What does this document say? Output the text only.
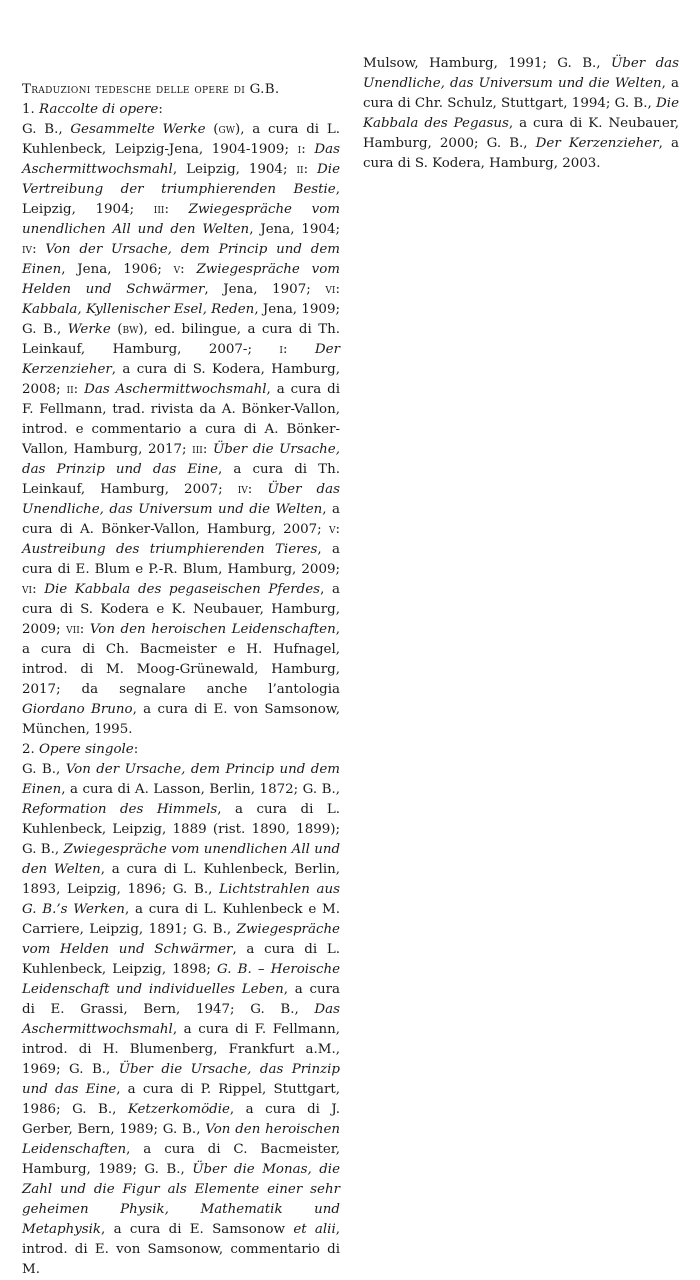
Traduzioni tedesche delle opere di G.B.

1. Raccolte di opere:

G. B., Gesammelte Werke (gw), a cura di L. Kuhlenbeck, Leipzig-Jena, 1904-1909; i: Das Aschermittwochsmahl, Leipzig, 1904; ii: Die Vertreibung der triumphierenden Bestie, Leipzig, 1904; iii: Zwiegespräche vom unendlichen All und den Welten, Jena, 1904; iv: Von der Ursache, dem Princip und dem Einen, Jena, 1906; v: Zwiegespräche vom Helden und Schwärmer, Jena, 1907; vi: Kabbala, Kyllenischer Esel, Reden, Jena, 1909; G. B., Werke (bw), ed. bilingue, a cura di Th. Leinkauf, Hamburg, 2007-; i: Der Kerzenzieher, a cura di S. Kodera, Hamburg, 2008; ii: Das Aschermittwochsmahl, a cura di F. Fellmann, trad. rivista da A. Bönker-Vallon, introd. e commentario a cura di A. Bönker-Vallon, Hamburg, 2017; iii: Über die Ursache, das Prinzip und das Eine, a cura di Th. Leinkauf, Hamburg, 2007; iv: Über das Unendliche, das Universum und die Welten, a cura di A. Bönker-Vallon, Hamburg, 2007; v: Austreibung des triumphierenden Tieres, a cura di E. Blum e P.-R. Blum, Hamburg, 2009; vi: Die Kabbala des pegaseischen Pferdes, a cura di S. Kodera e K. Neubauer, Hamburg, 2009; vii: Von den heroischen Leidenschaften, a cura di Ch. Bacmeister e H. Hufnagel, introd. di M. Moog-Grünewald, Hamburg, 2017; da segnalare anche l’antologia Giordano Bruno, a cura di E. von Samsonow, München, 1995.

2. Opere singole:

G. B., Von der Ursache, dem Princip und dem Einen, a cura di A. Lasson, Berlin, 1872; G. B., Reformation des Himmels, a cura di L. Kuhlenbeck, Leipzig, 1889 (rist. 1890, 1899); G. B., Zwiegespräche vom unendlichen All und den Welten, a cura di L. Kuhlenbeck, Berlin, 1893, Leipzig, 1896; G. B., Lichtstrahlen aus G. B.’s Werken, a cura di L. Kuhlenbeck e M. Carriere, Leipzig, 1891; G. B., Zwiegespräche vom Helden und Schwärmer, a cura di L. Kuhlenbeck, Leipzig, 1898; G. B. – Heroische Leidenschaft und individuelles Leben, a cura di E. Grassi, Bern, 1947; G. B., Das Aschermittwochsmahl, a cura di F. Fellmann, introd. di H. Blumenberg, Frankfurt a.M., 1969; G. B., Über die Ursache, das Prinzip und das Eine, a cura di P. Rippel, Stuttgart, 1986; G. B., Ketzerkomödie, a cura di J. Gerber, Bern, 1989; G. B., Von den heroischen Leidenschaften, a cura di C. Bacmeister, Hamburg, 1989; G. B., Über die Monas, die Zahl und die Figur als Elemente einer sehr geheimen Physik, Mathematik und Metaphysik, a cura di E. Samsonow et alii, introd. di E. von Samsonow, commentario di M.

Mulsow, Hamburg, 1991; G. B., Über das Unendliche, das Universum und die Welten, a cura di Chr. Schulz, Stuttgart, 1994; G. B., Die Kabbala des Pegasus, a cura di K. Neubauer, Hamburg, 2000; G. B., Der Kerzenzieher, a cura di S. Kodera, Hamburg, 2003.
